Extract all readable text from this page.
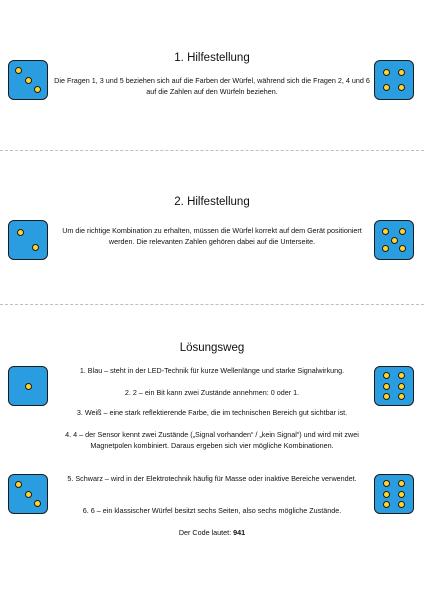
1. Hilfestellung
Die Fragen 1, 3 und 5 beziehen sich auf die Farben der Würfel, während sich die Fragen 2, 4 und 6 auf die Zahlen auf den Würfeln beziehen.
2. Hilfestellung
Um die richtige Kombination zu erhalten, müssen die Würfel korrekt auf dem Gerät positioniert werden. Die relevanten Zahlen gehören dabei auf die Unterseite.
Lösungsweg
1. Blau – steht in der LED-Technik für kurze Wellenlänge und starke Signalwirkung.
2. 2 – ein Bit kann zwei Zustände annehmen: 0 oder 1.
3. Weiß – eine stark reflektierende Farbe, die im technischen Bereich gut sichtbar ist.
4. 4 – der Sensor kennt zwei Zustände („Signal vorhanden“ / „kein Signal“) und wird mit zwei Magnetpolen kombiniert. Daraus ergeben sich vier mögliche Kombinationen.
5. Schwarz – wird in der Elektrotechnik häufig für Masse oder inaktive Bereiche verwendet.
6. 6 – ein klassischer Würfel besitzt sechs Seiten, also sechs mögliche Zustände.
Der Code lautet: 941
